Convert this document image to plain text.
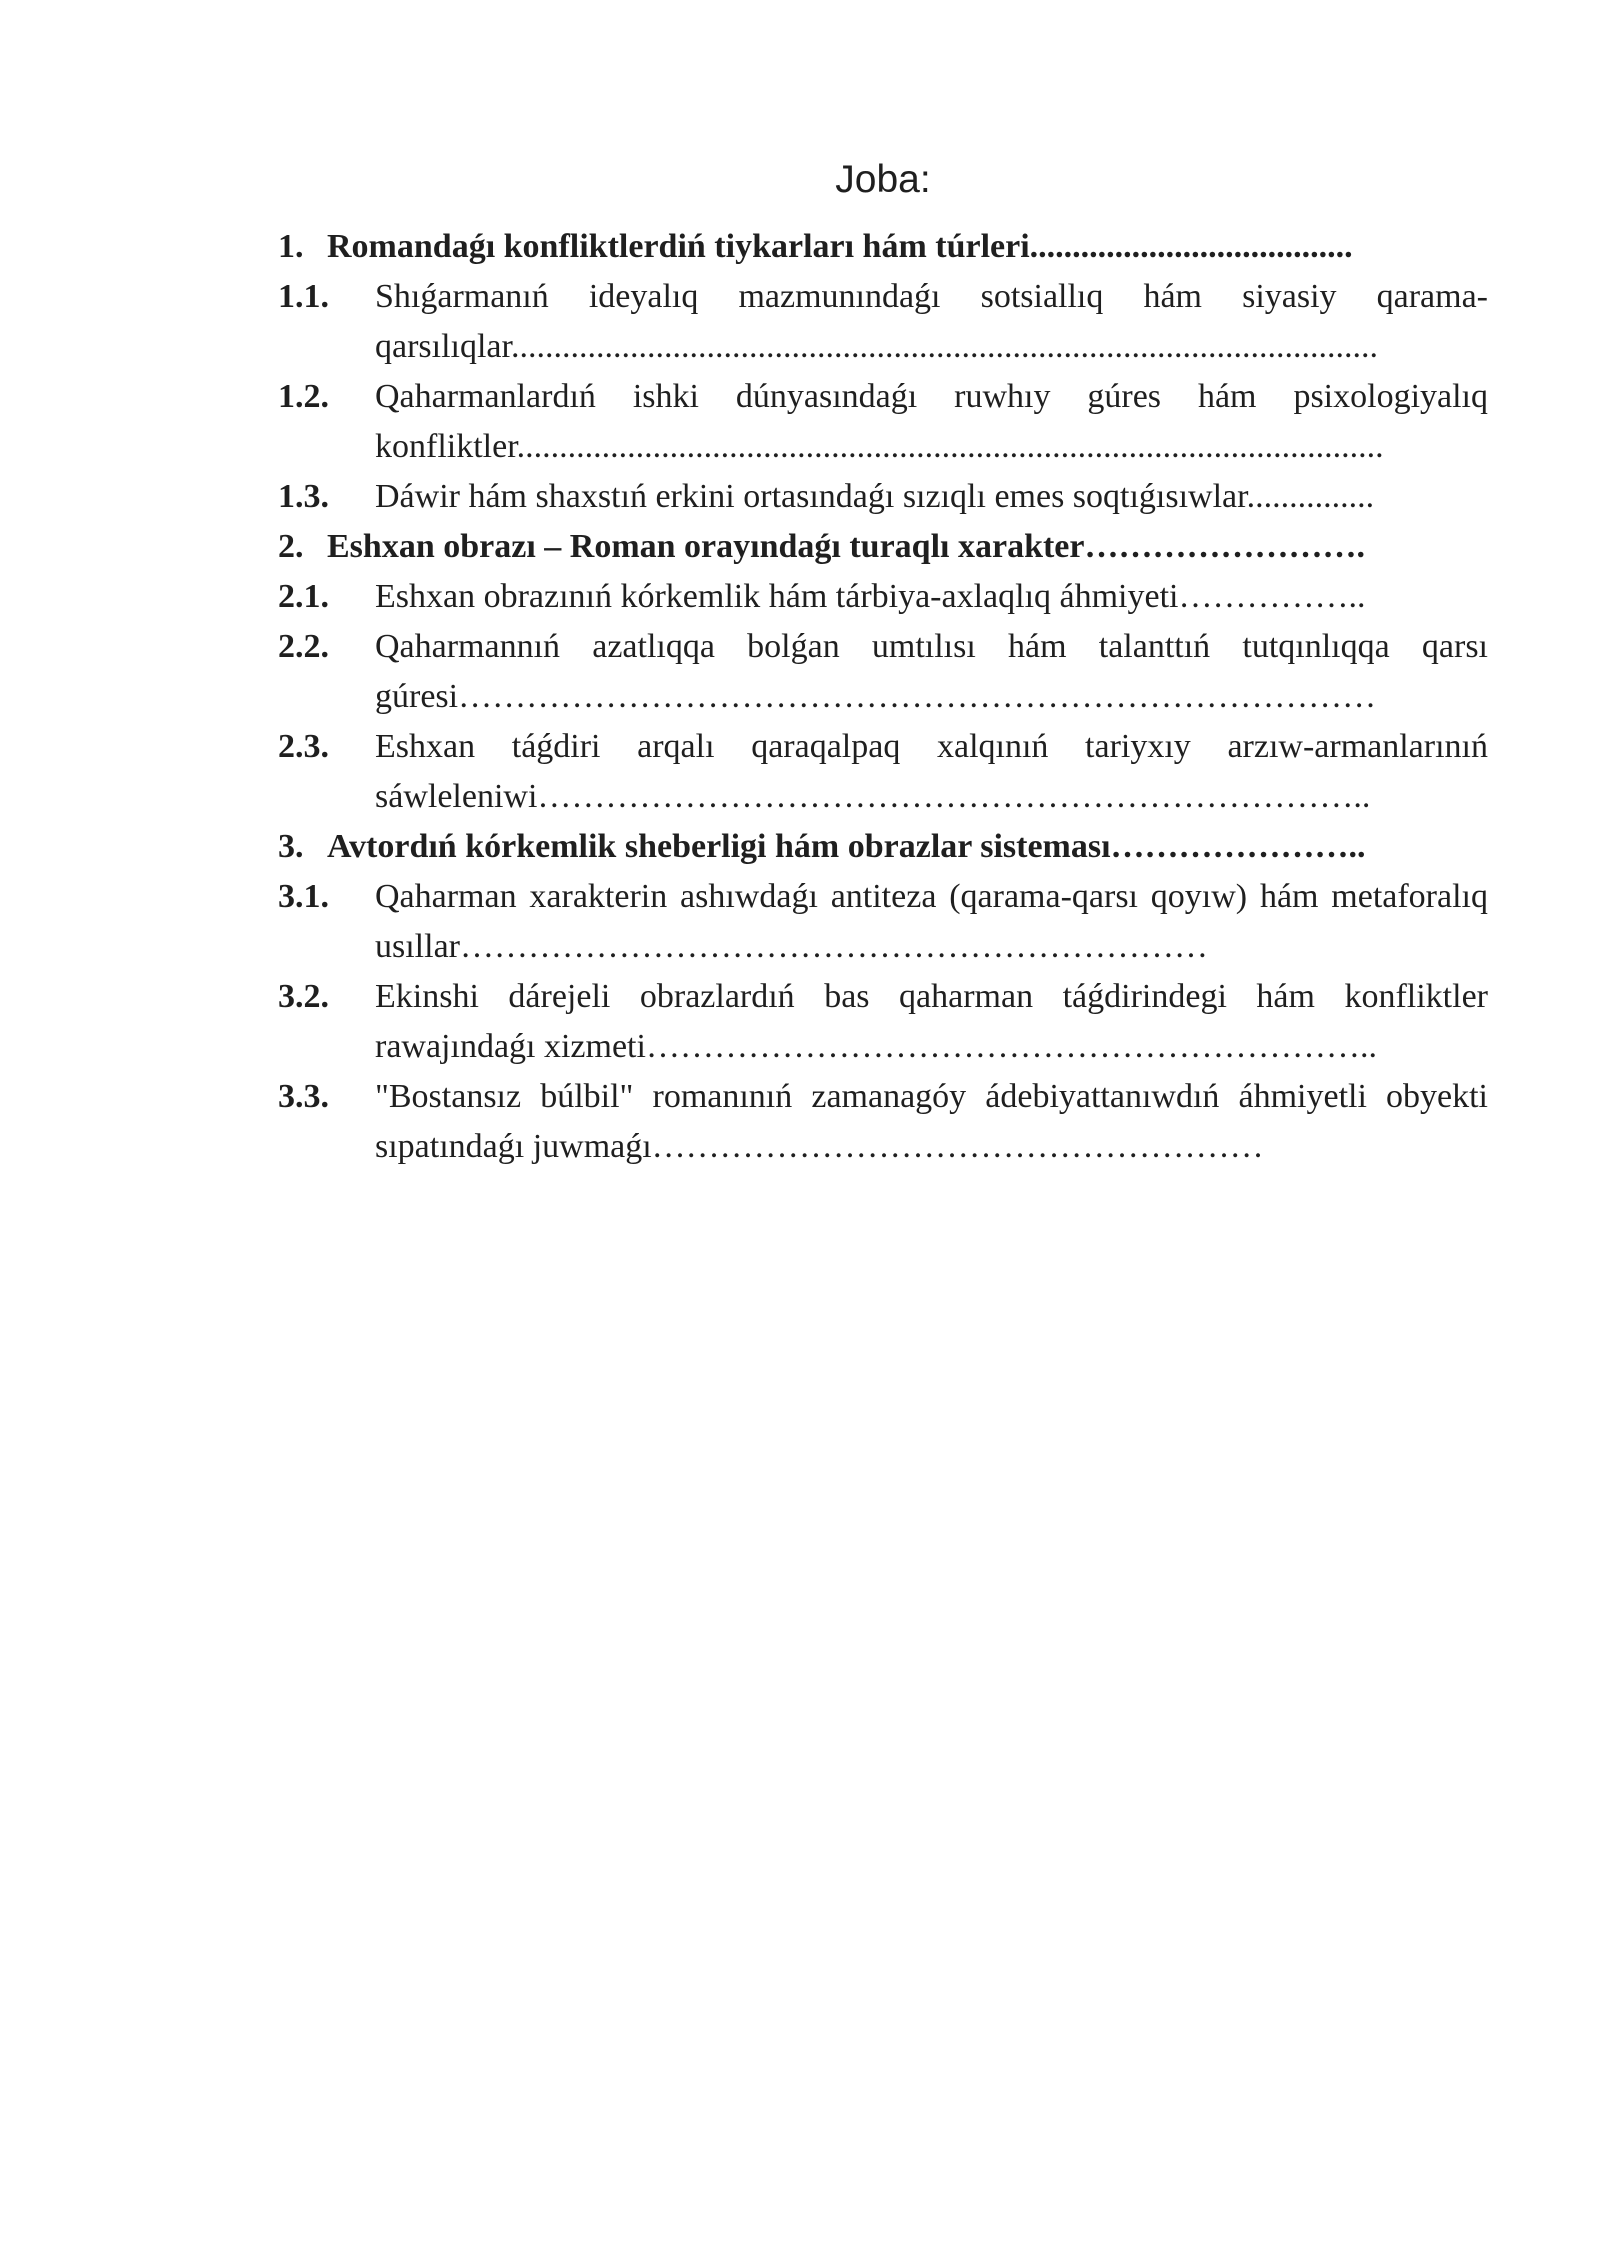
Joba:
1. Romandaǵı konfliktlerdiń tiykarları hám túrleri......................................
1.1.	Shıǵarmanıń ideyalıq mazmunındaǵı sotsiallıq hám siyasiy qarama-qarsılıqlar......................................................................................................
1.2.	Qaharmanlardıń ishki dúnyasındaǵı ruwhıy gúres hám psixologiyalıq konfliktler......................................................................................................
1.3.	Dáwir hám shaxstıń erkini ortasındaǵı sızıqlı emes soqtıǵısıwlar...............
2. Eshxan obrazı – Roman orayındaǵı turaqlı xarakter…………………….
2.1.	Eshxan obrazınıń kórkemlik hám tárbiya-axlaqlıq áhmiyeti……………..
2.2.	Qaharmannıń azatlıqqa bolǵan umtılısı hám talanttıń tutqınlıqqa qarsı gúresi………………………………………………………………………
2.3.	Eshxan táǵdiri arqalı qaraqalpaq xalqınıń tariyxıy arzıw-armanlarınıń sáwleleniwi………………………………………………………………..
3. Avtordıń kórkemlik sheberligi hám obrazlar sisteması…………………..
3.1.	Qaharman xarakterin ashıwdaǵı antiteza (qarama-qarsı qoyıw) hám metaforalıq usıllar…………………………………………………………
3.2.	Ekinshi dárejeli obrazlardıń bas qaharman táǵdirindegi hám konfliktler rawajındaǵı xizmeti………………………………………………………..
3.3.	"Bostansız búlbil" romanınıń zamanagóy ádebiyattanıwdıń áhmiyetli obyekti sıpatındaǵı juwmaǵı………………………………………………
